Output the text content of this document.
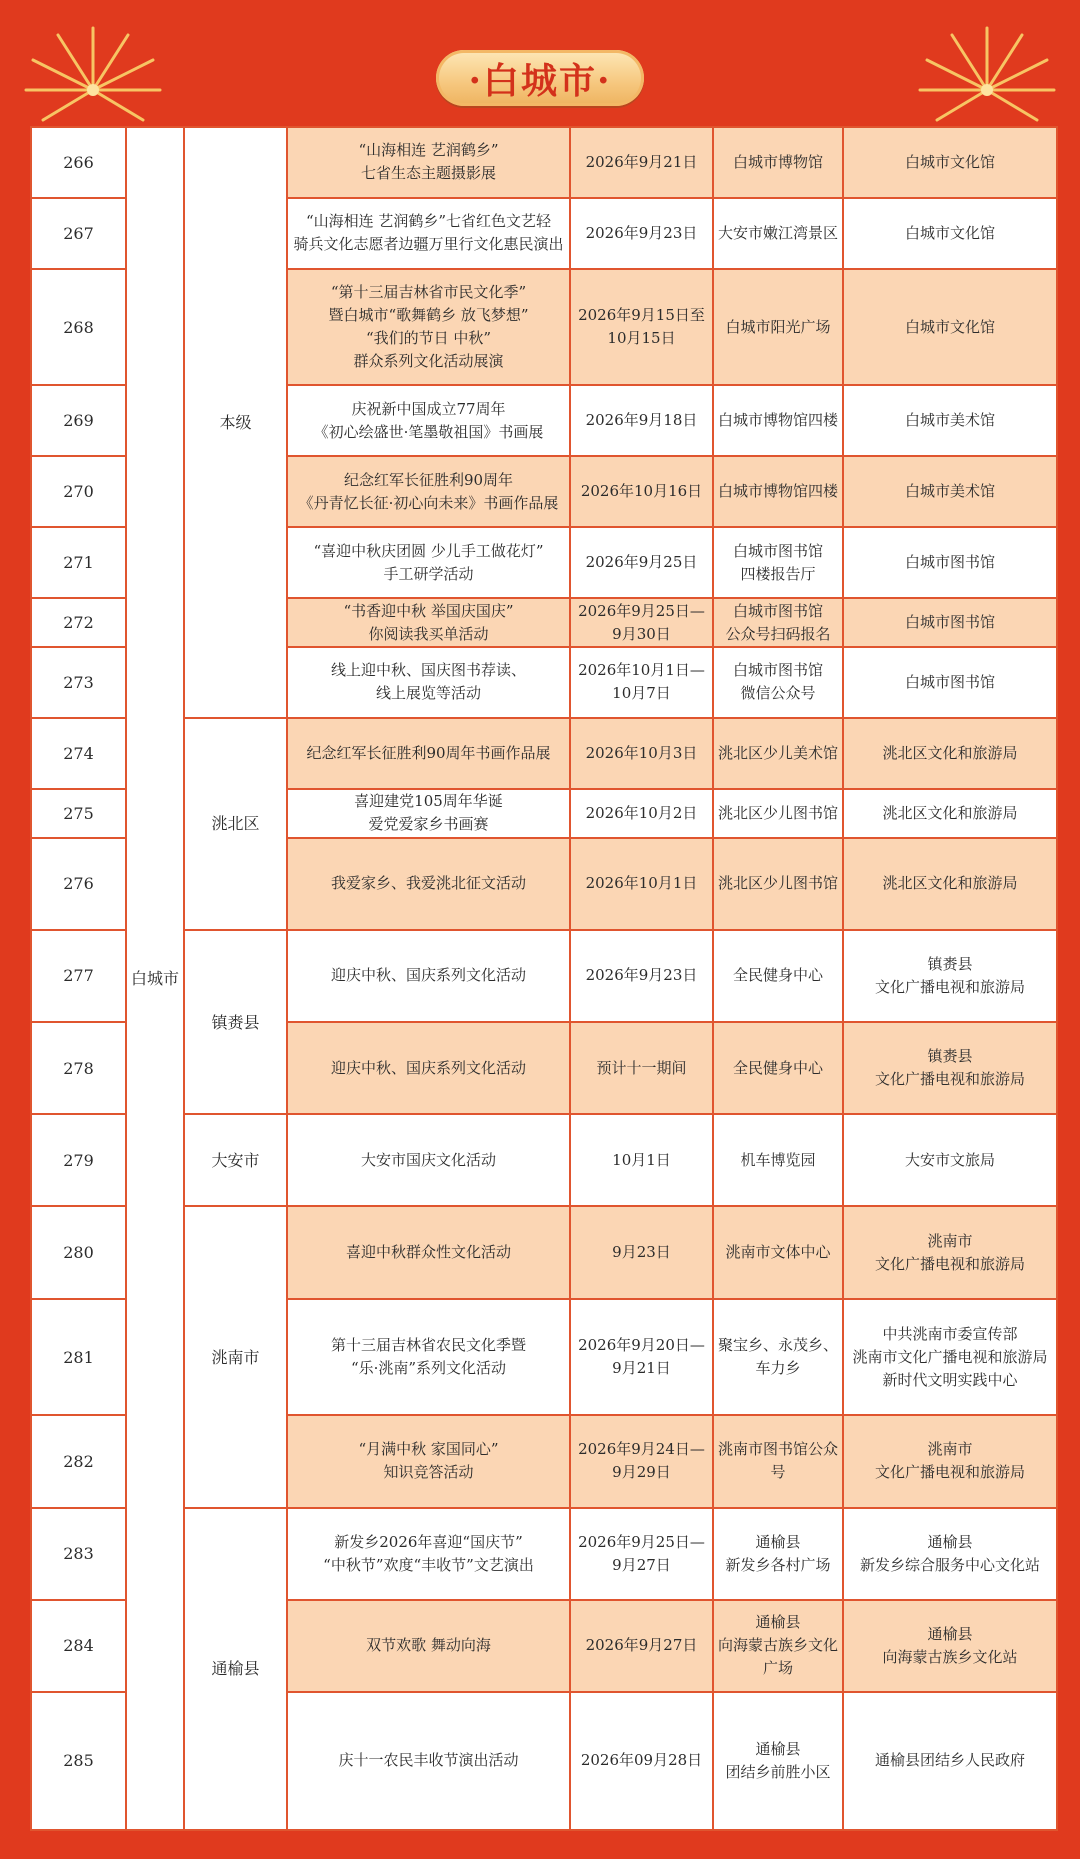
·白城市·
266	白城市	本级	“山海相连 艺润鹤乡”
七省生态主题摄影展	2026年9月21日	白城市博物馆	白城市文化馆

267			“山海相连 艺润鹤乡”七省红色文艺轻
骑兵文化志愿者边疆万里行文化惠民演出	2026年9月23日	大安市嫩江湾景区	白城市文化馆

268			“第十三届吉林省市民文化季”
暨白城市“歌舞鹤乡 放飞梦想”
“我们的节日 中秋”
群众系列文化活动展演	2026年9月15日至
10月15日	白城市阳光广场	白城市文化馆

269			庆祝新中国成立77周年
《初心绘盛世·笔墨敬祖国》书画展	2026年9月18日	白城市博物馆四楼	白城市美术馆

270			纪念红军长征胜利90周年
《丹青忆长征·初心向未来》书画作品展	2026年10月16日	白城市博物馆四楼	白城市美术馆

271			“喜迎中秋庆团圆 少儿手工做花灯”
手工研学活动	2026年9月25日	白城市图书馆
四楼报告厅	白城市图书馆

272			“书香迎中秋 举国庆国庆”
你阅读我买单活动	2026年9月25日—
9月30日	白城市图书馆
公众号扫码报名	白城市图书馆

273			线上迎中秋、国庆图书荐读、
线上展览等活动	2026年10月1日—
10月7日	白城市图书馆
微信公众号	白城市图书馆

274		洮北区	纪念红军长征胜利90周年书画作品展	2026年10月3日	洮北区少儿美术馆	洮北区文化和旅游局

275			喜迎建党105周年华诞
爱党爱家乡书画赛	2026年10月2日	洮北区少儿图书馆	洮北区文化和旅游局

276			我爱家乡、我爱洮北征文活动	2026年10月1日	洮北区少儿图书馆	洮北区文化和旅游局

277		镇赉县	迎庆中秋、国庆系列文化活动	2026年9月23日	全民健身中心	镇赉县
文化广播电视和旅游局

278			迎庆中秋、国庆系列文化活动	预计十一期间	全民健身中心	镇赉县
文化广播电视和旅游局

279		大安市	大安市国庆文化活动	10月1日	机车博览园	大安市文旅局

280		洮南市	喜迎中秋群众性文化活动	9月23日	洮南市文体中心	洮南市
文化广播电视和旅游局

281			第十三届吉林省农民文化季暨
“乐·洮南”系列文化活动	2026年9月20日—
9月21日	聚宝乡、永茂乡、
车力乡	中共洮南市委宣传部
洮南市文化广播电视和旅游局
新时代文明实践中心

282			“月满中秋 家国同心”
知识竞答活动	2026年9月24日—
9月29日	洮南市图书馆公众
号	洮南市
文化广播电视和旅游局

283		通榆县	新发乡2026年喜迎“国庆节”
“中秋节”欢度“丰收节”文艺演出	2026年9月25日—
9月27日	通榆县
新发乡各村广场	通榆县
新发乡综合服务中心文化站

284			双节欢歌 舞动向海	2026年9月27日	通榆县
向海蒙古族乡文化
广场	通榆县
向海蒙古族乡文化站

285			庆十一农民丰收节演出活动	2026年09月28日	通榆县
团结乡前胜小区	通榆县团结乡人民政府
